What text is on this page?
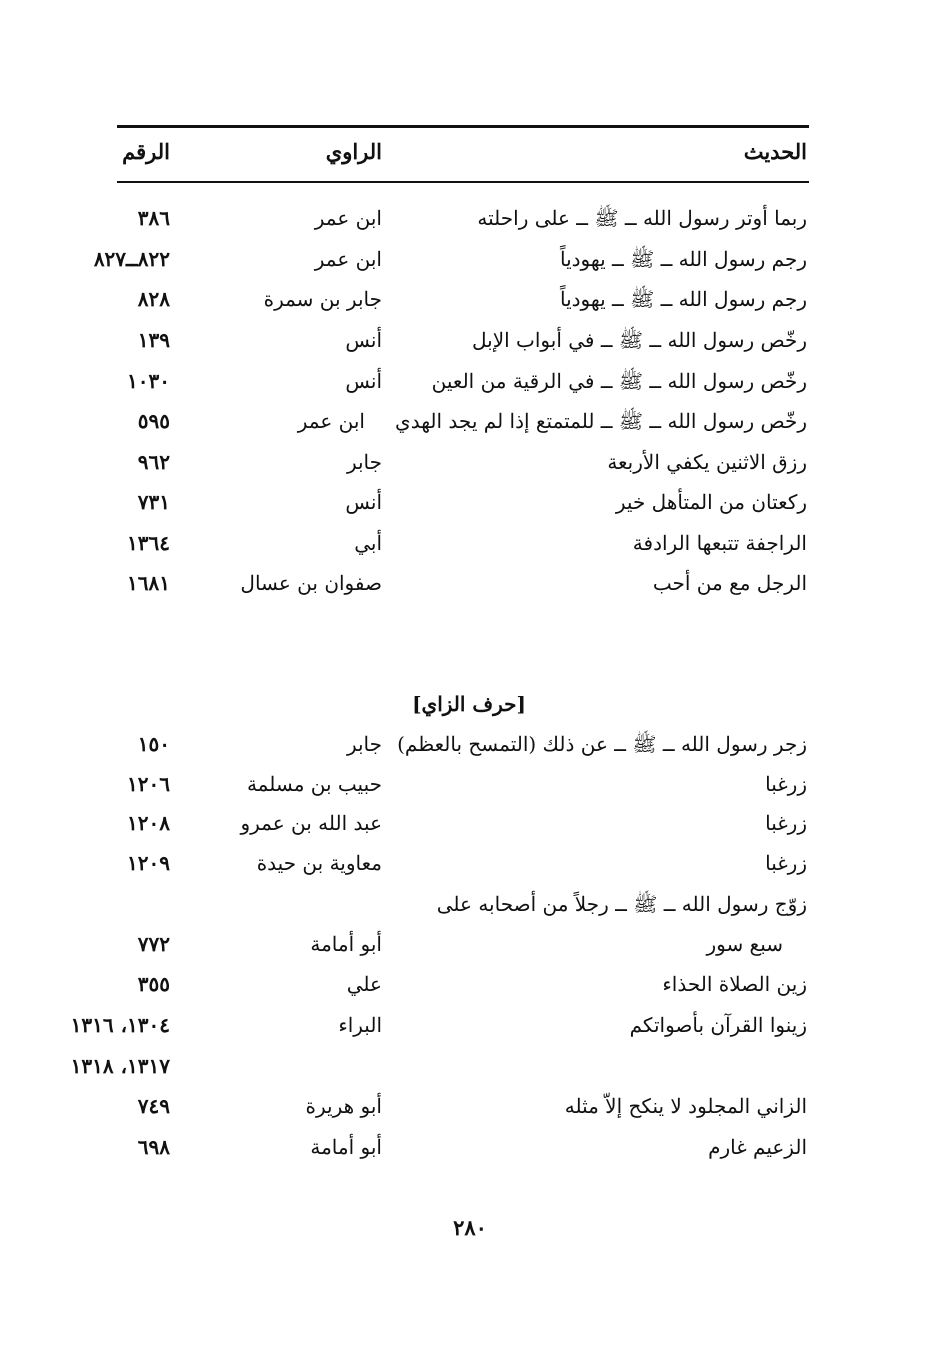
الحديث
الراوي
الرقم
ربما أوتر رسول الله ــ ﷺ ــ على راحلته
ابن عمر
٣٨٦
رجم رسول الله ــ ﷺ ــ يهودياً
ابن عمر
٨٢٢ــ٨٢٧
رجم رسول الله ــ ﷺ ــ يهودياً
جابر بن سمرة
٨٢٨
رخّص رسول الله ــ ﷺ ــ في أبواب الإبل
أنس
١٣٩
رخّص رسول الله ــ ﷺ ــ في الرقية من العين
أنس
١٠٣٠
رخّص رسول الله ــ ﷺ ــ للمتمتع إذا لم يجد الهدي
ابن عمر
٥٩٥
رزق الاثنين يكفي الأربعة
جابر
٩٦٢
ركعتان من المتأهل خير
أنس
٧٣١
الراجفة تتبعها الرادفة
أبي
١٣٦٤
الرجل مع من أحب
صفوان بن عسال
١٦٨١
[حرف الزاي]
زجر رسول الله ــ ﷺ ــ عن ذلك (التمسح بالعظم)
جابر
١٥٠
زرغبا
حبيب بن مسلمة
١٢٠٦
زرغبا
عبد الله بن عمرو
١٢٠٨
زرغبا
معاوية بن حيدة
١٢٠٩
زوّج رسول الله ــ ﷺ ــ رجلاً من أصحابه على
سبع سور
أبو أمامة
٧٧٢
زين الصلاة الحذاء
علي
٣٥٥
زينوا القرآن بأصواتكم
البراء
١٣٠٤، ١٣١٦
١٣١٧، ١٣١٨
الزاني المجلود لا ينكح إلاّ مثله
أبو هريرة
٧٤٩
الزعيم غارم
أبو أمامة
٦٩٨
٢٨٠
